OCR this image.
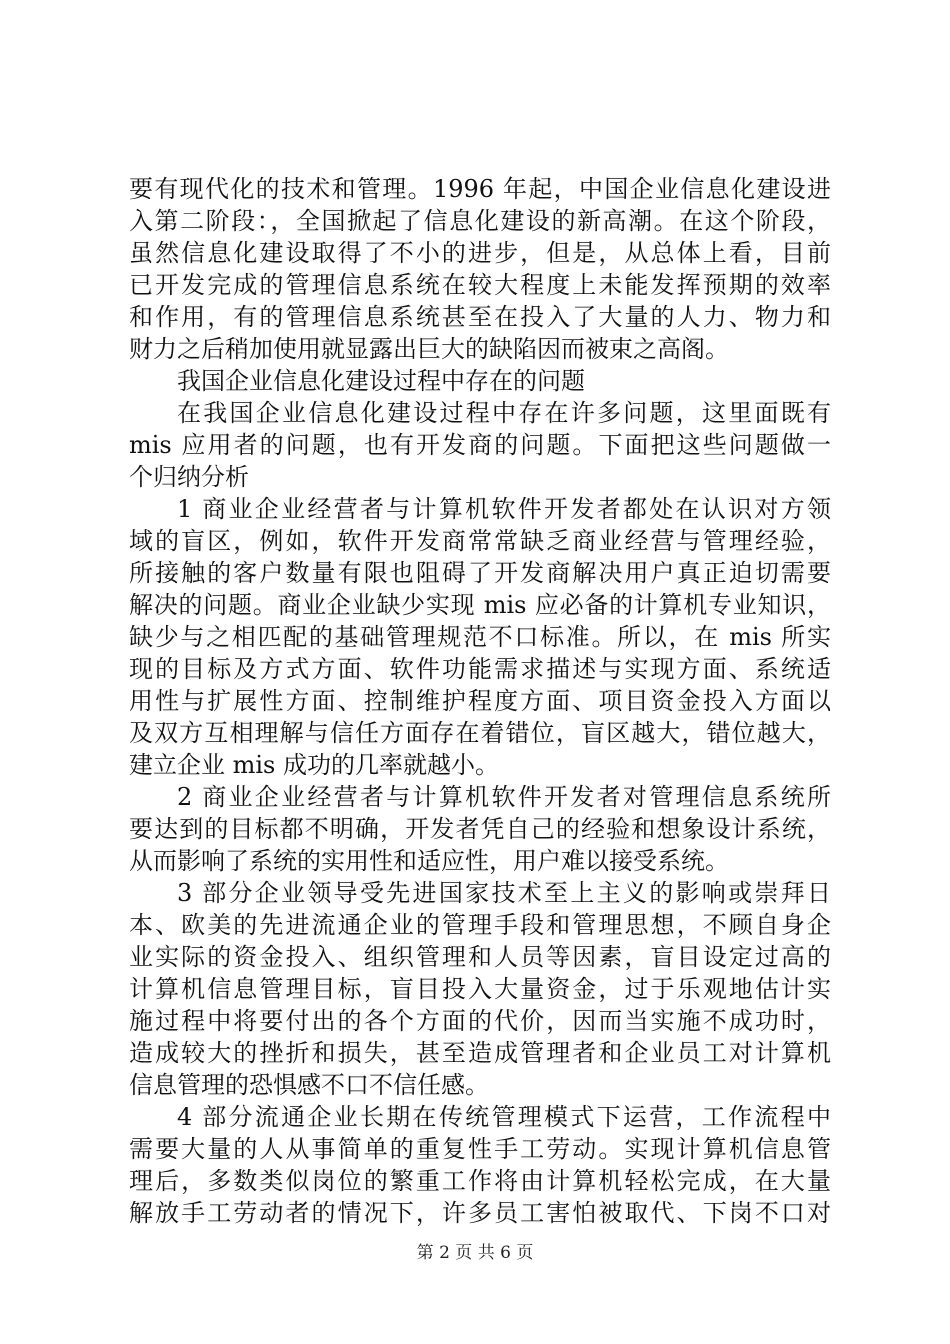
要有现代化的技术和管理。1996 年起，中国企业信息化建设进
入第二阶段：，全国掀起了信息化建设的新高潮。在这个阶段，
虽然信息化建设取得了不小的进步，但是，从总体上看，目前
已开发完成的管理信息系统在较大程度上未能发挥预期的效率
和作用，有的管理信息系统甚至在投入了大量的人力、物力和
财力之后稍加使用就显露出巨大的缺陷因而被束之高阁。
我国企业信息化建设过程中存在的问题
在我国企业信息化建设过程中存在许多问题，这里面既有
mis 应用者的问题，也有开发商的问题。下面把这些问题做一
个归纳分析
1 商业企业经营者与计算机软件开发者都处在认识对方领
域的盲区，例如，软件开发商常常缺乏商业经营与管理经验，
所接触的客户数量有限也阻碍了开发商解决用户真正迫切需要
解决的问题。商业企业缺少实现 mis 应必备的计算机专业知识，
缺少与之相匹配的基础管理规范不口标准。所以，在 mis 所实
现的目标及方式方面、软件功能需求描述与实现方面、系统适
用性与扩展性方面、控制维护程度方面、项目资金投入方面以
及双方互相理解与信任方面存在着错位，盲区越大，错位越大，
建立企业 mis 成功的几率就越小。
2 商业企业经营者与计算机软件开发者对管理信息系统所
要达到的目标都不明确，开发者凭自己的经验和想象设计系统，
从而影响了系统的实用性和适应性，用户难以接受系统。
3 部分企业领导受先进国家技术至上主义的影响或崇拜日
本、欧美的先进流通企业的管理手段和管理思想，不顾自身企
业实际的资金投入、组织管理和人员等因素，盲目设定过高的
计算机信息管理目标，盲目投入大量资金，过于乐观地估计实
施过程中将要付出的各个方面的代价，因而当实施不成功时，
造成较大的挫折和损失，甚至造成管理者和企业员工对计算机
信息管理的恐惧感不口不信任感。
4 部分流通企业长期在传统管理模式下运营，工作流程中
需要大量的人从事简单的重复性手工劳动。实现计算机信息管
理后，多数类似岗位的繁重工作将由计算机轻松完成，在大量
解放手工劳动者的情况下，许多员工害怕被取代、下岗不口对
第 2 页 共 6 页
